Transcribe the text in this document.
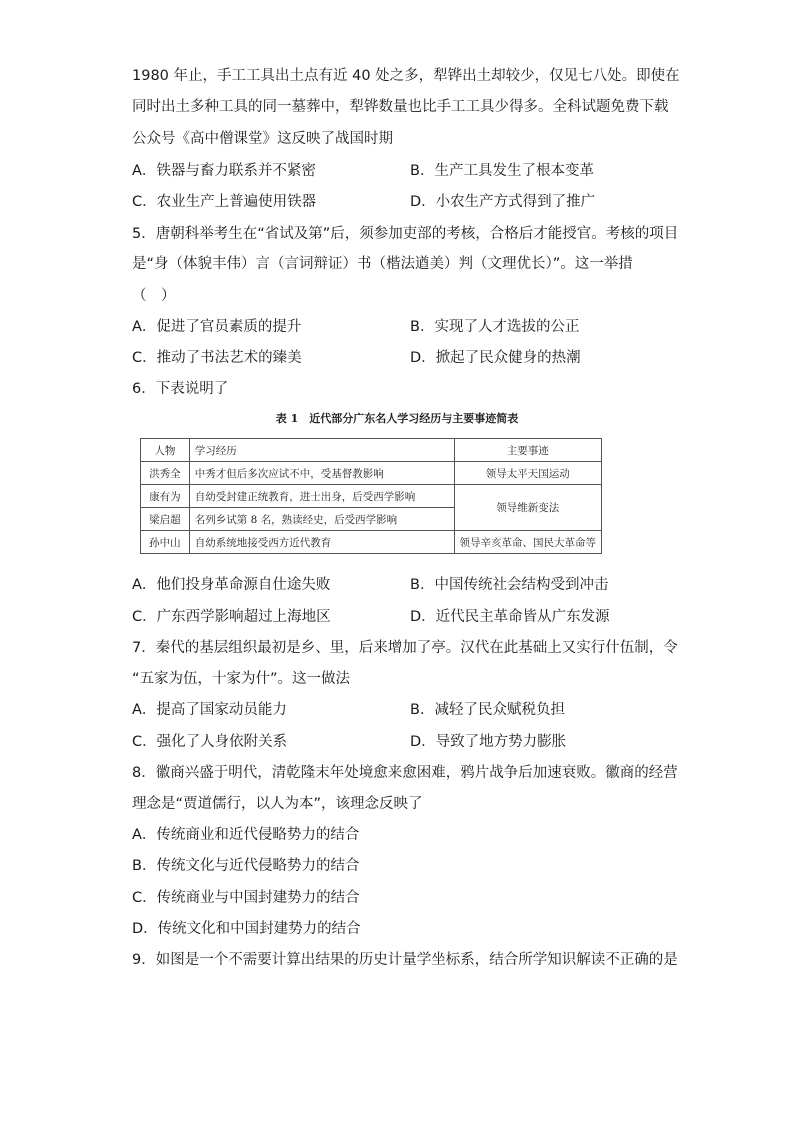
1980 年止，手工工具出土点有近 40 处之多，犁铧出土却较少，仅见七八处。即使在
同时出土多种工具的同一墓葬中，犁铧数量也比手工工具少得多。全科试题免费下载
公众号《高中僧课堂》这反映了战国时期
A．铁器与畜力联系并不紧密	B．生产工具发生了根本变革
C．农业生产上普遍使用铁器	D．小农生产方式得到了推广
5．唐朝科举考生在“省试及第”后，须参加吏部的考核，合格后才能授官。考核的项目
是“身（体貌丰伟）言（言词辩证）书（楷法遒美）判（文理优长）”。这一举措
（　）
A．促进了官员素质的提升	B．实现了人才选拔的公正
C．推动了书法艺术的臻美	D．掀起了民众健身的热潮
6．下表说明了
表 1　近代部分广东名人学习经历与主要事迹简表
人物	学习经历	主要事迹
洪秀全	中秀才但后多次应试不中，受基督教影响	领导太平天国运动
康有为	自幼受封建正统教育，进士出身，后受西学影响	领导维新变法
梁启超	名列乡试第 8 名，熟读经史，后受西学影响	
孙中山	自幼系统地接受西方近代教育	领导辛亥革命、国民大革命等
A．他们投身革命源自仕途失败	B．中国传统社会结构受到冲击
C．广东西学影响超过上海地区	D．近代民主革命皆从广东发源
7．秦代的基层组织最初是乡、里，后来增加了亭。汉代在此基础上又实行什伍制，令
“五家为伍，十家为什”。这一做法
A．提高了国家动员能力	B．减轻了民众赋税负担
C．强化了人身依附关系	D．导致了地方势力膨胀
8．徽商兴盛于明代，清乾隆末年处境愈来愈困难，鸦片战争后加速衰败。徽商的经营
理念是“贾道儒行，以人为本”，该理念反映了
A．传统商业和近代侵略势力的结合
B．传统文化与近代侵略势力的结合
C．传统商业与中国封建势力的结合
D．传统文化和中国封建势力的结合
9．如图是一个不需要计算出结果的历史计量学坐标系，结合所学知识解读不正确的是
